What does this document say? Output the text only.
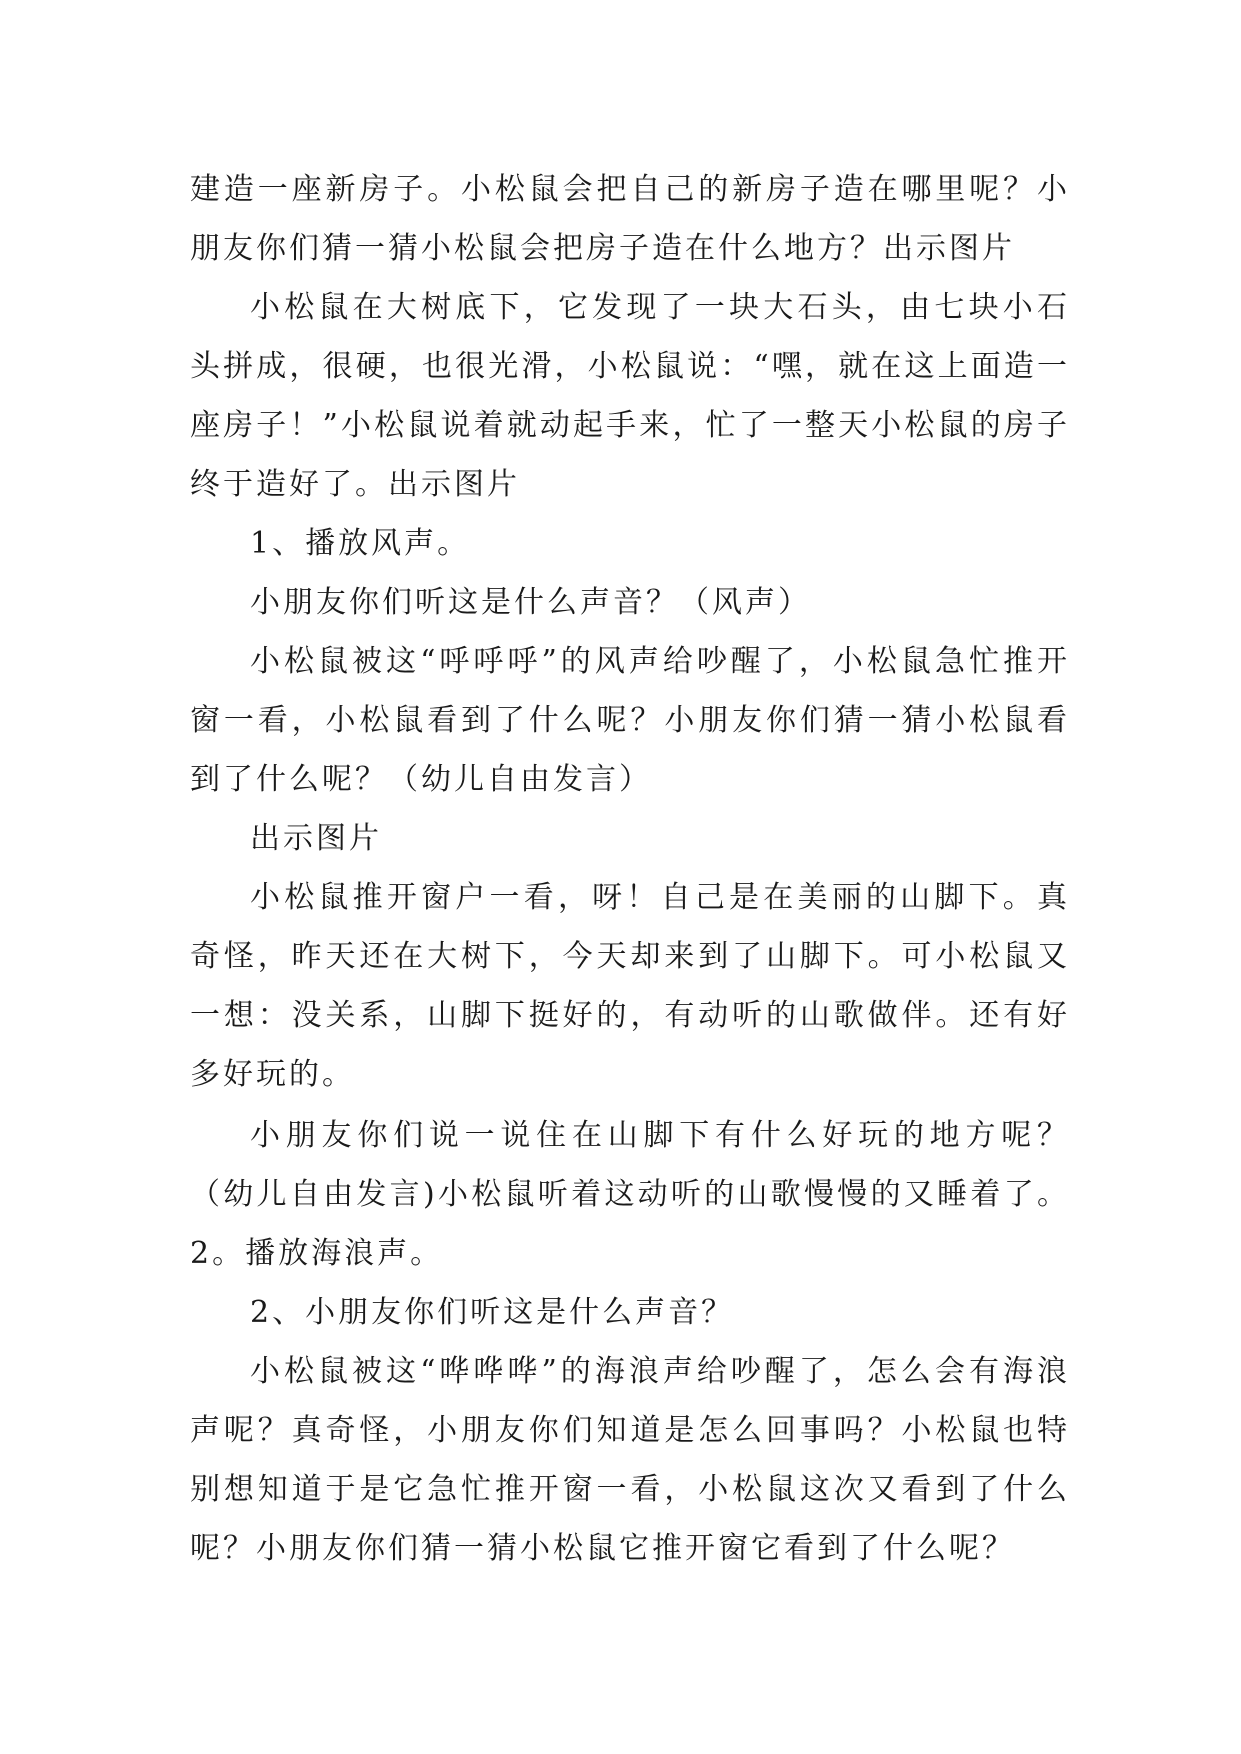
建造一座新房子。小松鼠会把自己的新房子造在哪里呢？小朋友你们猜一猜小松鼠会把房子造在什么地方？出示图片

小松鼠在大树底下，它发现了一块大石头，由七块小石头拼成，很硬，也很光滑，小松鼠说：“嘿，就在这上面造一座房子！”小松鼠说着就动起手来，忙了一整天小松鼠的房子终于造好了。出示图片

1、播放风声。

小朋友你们听这是什么声音？（风声）

小松鼠被这“呼呼呼”的风声给吵醒了，小松鼠急忙推开窗一看，小松鼠看到了什么呢？小朋友你们猜一猜小松鼠看到了什么呢？（幼儿自由发言）

出示图片

小松鼠推开窗户一看，呀！自己是在美丽的山脚下。真奇怪，昨天还在大树下，今天却来到了山脚下。可小松鼠又一想：没关系，山脚下挺好的，有动听的山歌做伴。还有好多好玩的。

小朋友你们说一说住在山脚下有什么好玩的地方呢？（幼儿自由发言)小松鼠听着这动听的山歌慢慢的又睡着了。2。播放海浪声。

2、小朋友你们听这是什么声音？

小松鼠被这“哗哗哗”的海浪声给吵醒了，怎么会有海浪声呢？真奇怪，小朋友你们知道是怎么回事吗？小松鼠也特别想知道于是它急忙推开窗一看，小松鼠这次又看到了什么呢？小朋友你们猜一猜小松鼠它推开窗它看到了什么呢？
